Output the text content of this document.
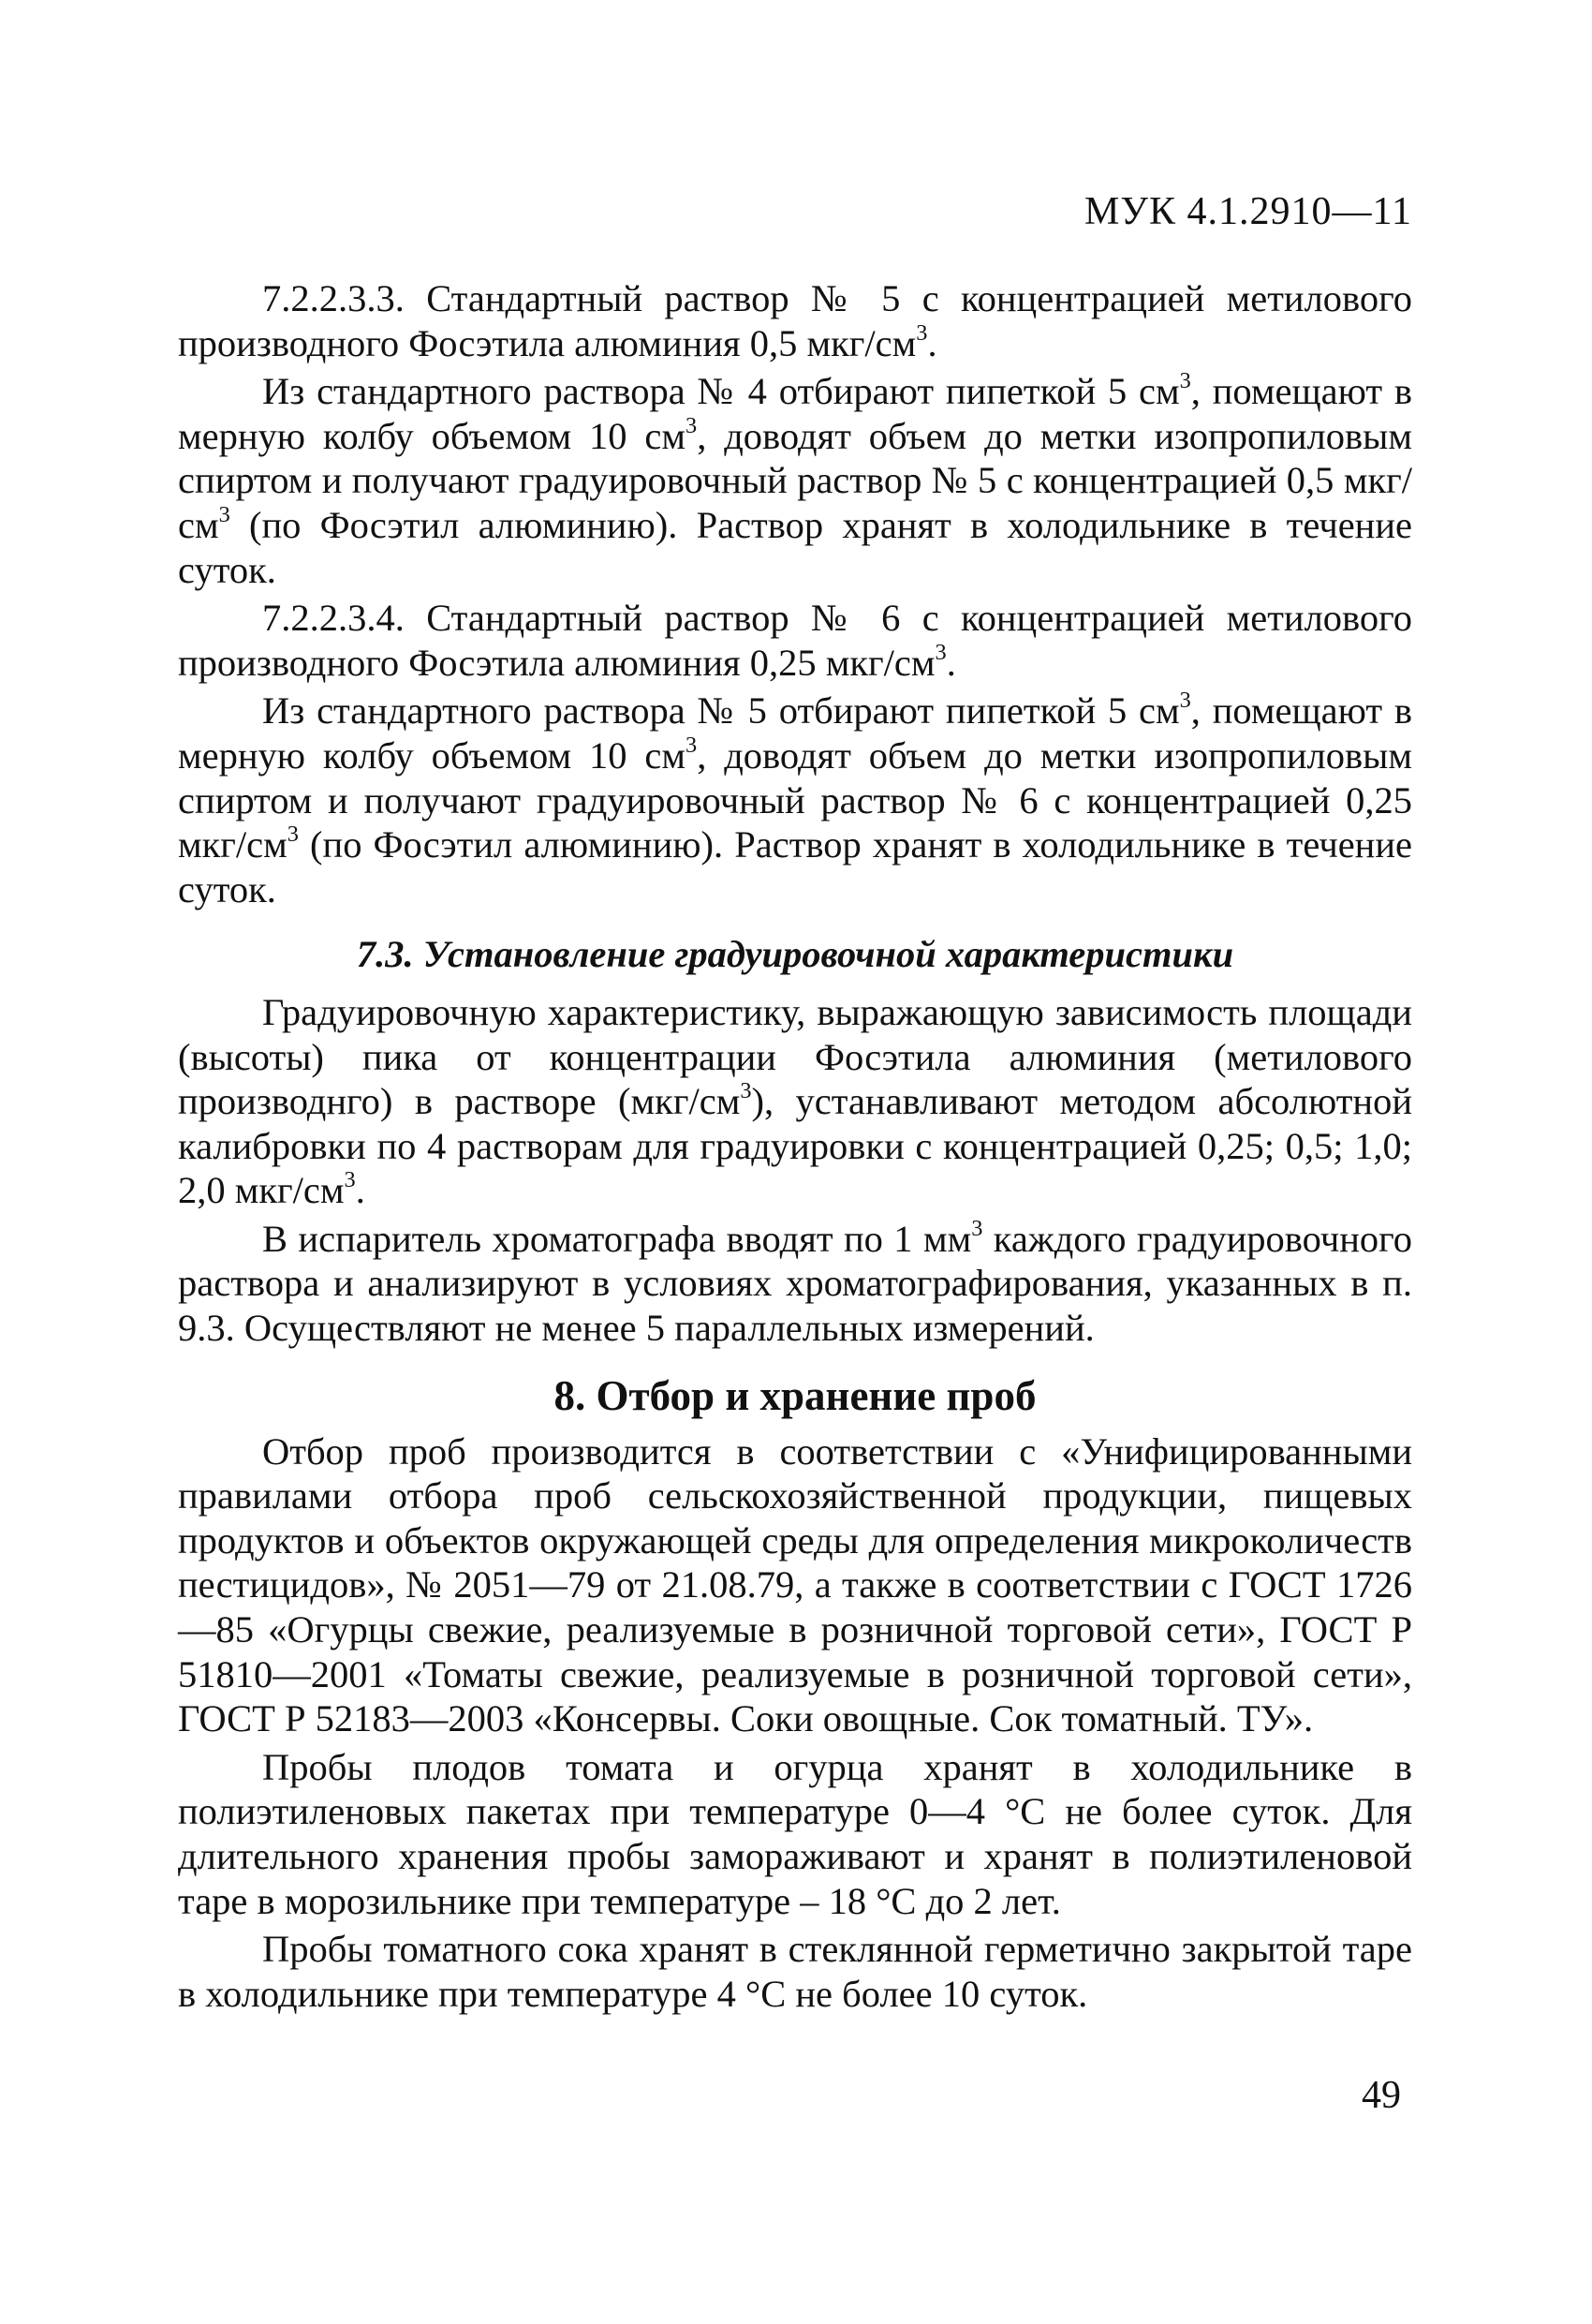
МУК 4.1.2910—11

7.2.2.3.3. Стандартный раствор № 5 с концентрацией метилового производного Фосэтила алюминия 0,5 мкг/$см^3$.

Из стандартного раствора № 4 отбирают пипеткой 5 $см^3$, помещают в мерную колбу объемом 10 $см^3$, доводят объем до метки изопропиловым спиртом и получают градуировочный раствор № 5 с концентрацией 0,5 мкг/$см^3$ (по Фосэтил алюминию). Раствор хранят в холодильнике в течение суток.

7.2.2.3.4. Стандартный раствор № 6 с концентрацией метилового производного Фосэтила алюминия 0,25 мкг/$см^3$.

Из стандартного раствора № 5 отбирают пипеткой 5 $см^3$, помещают в мерную колбу объемом 10 $см^3$, доводят объем до метки изопропиловым спиртом и получают градуировочный раствор № 6 с концентрацией 0,25 мкг/$см^3$ (по Фосэтил алюминию). Раствор хранят в холодильнике в течение суток.

7.3. Установление градуировочной характеристики

Градуировочную характеристику, выражающую зависимость площади (высоты) пика от концентрации Фосэтила алюминия (метилового производнго) в растворе $(мкг/см^3)$, устанавливают методом абсолютной калибровки по 4 растворам для градуировки с концентрацией 0,25; 0,5; 1,0; 2,0 мкг/$см^3$.

В испаритель хроматографа вводят по 1 $мм^3$ каждого градуировочного раствора и анализируют в условиях хроматографирования, указанных в п. 9.3. Осуществляют не менее 5 параллельных измерений.

8. Отбор и хранение проб

Отбор проб производится в соответствии с «Унифицированными правилами отбора проб сельскохозяйственной продукции, пищевых продуктов и объектов окружающей среды для определения микроколичеств пестицидов», № 2051—79 от 21.08.79, а также в соответствии с ГОСТ 1726—85 «Огурцы свежие, реализуемые в розничной торговой сети», ГОСТ Р 51810—2001 «Томаты свежие, реализуемые в розничной торговой сети», ГОСТ Р 52183—2003 «Консервы. Соки овощные. Сок томатный. ТУ».

Пробы плодов томата и огурца хранят в холодильнике в полиэтиленовых пакетах при температуре 0—4 °С не более суток. Для длительного хранения пробы замораживают и хранят в полиэтиленовой таре в морозильнике при температуре – 18 °С до 2 лет.

Пробы томатного сока хранят в стеклянной герметично закрытой таре в холодильнике при температуре 4 °С не более 10 суток.

49
